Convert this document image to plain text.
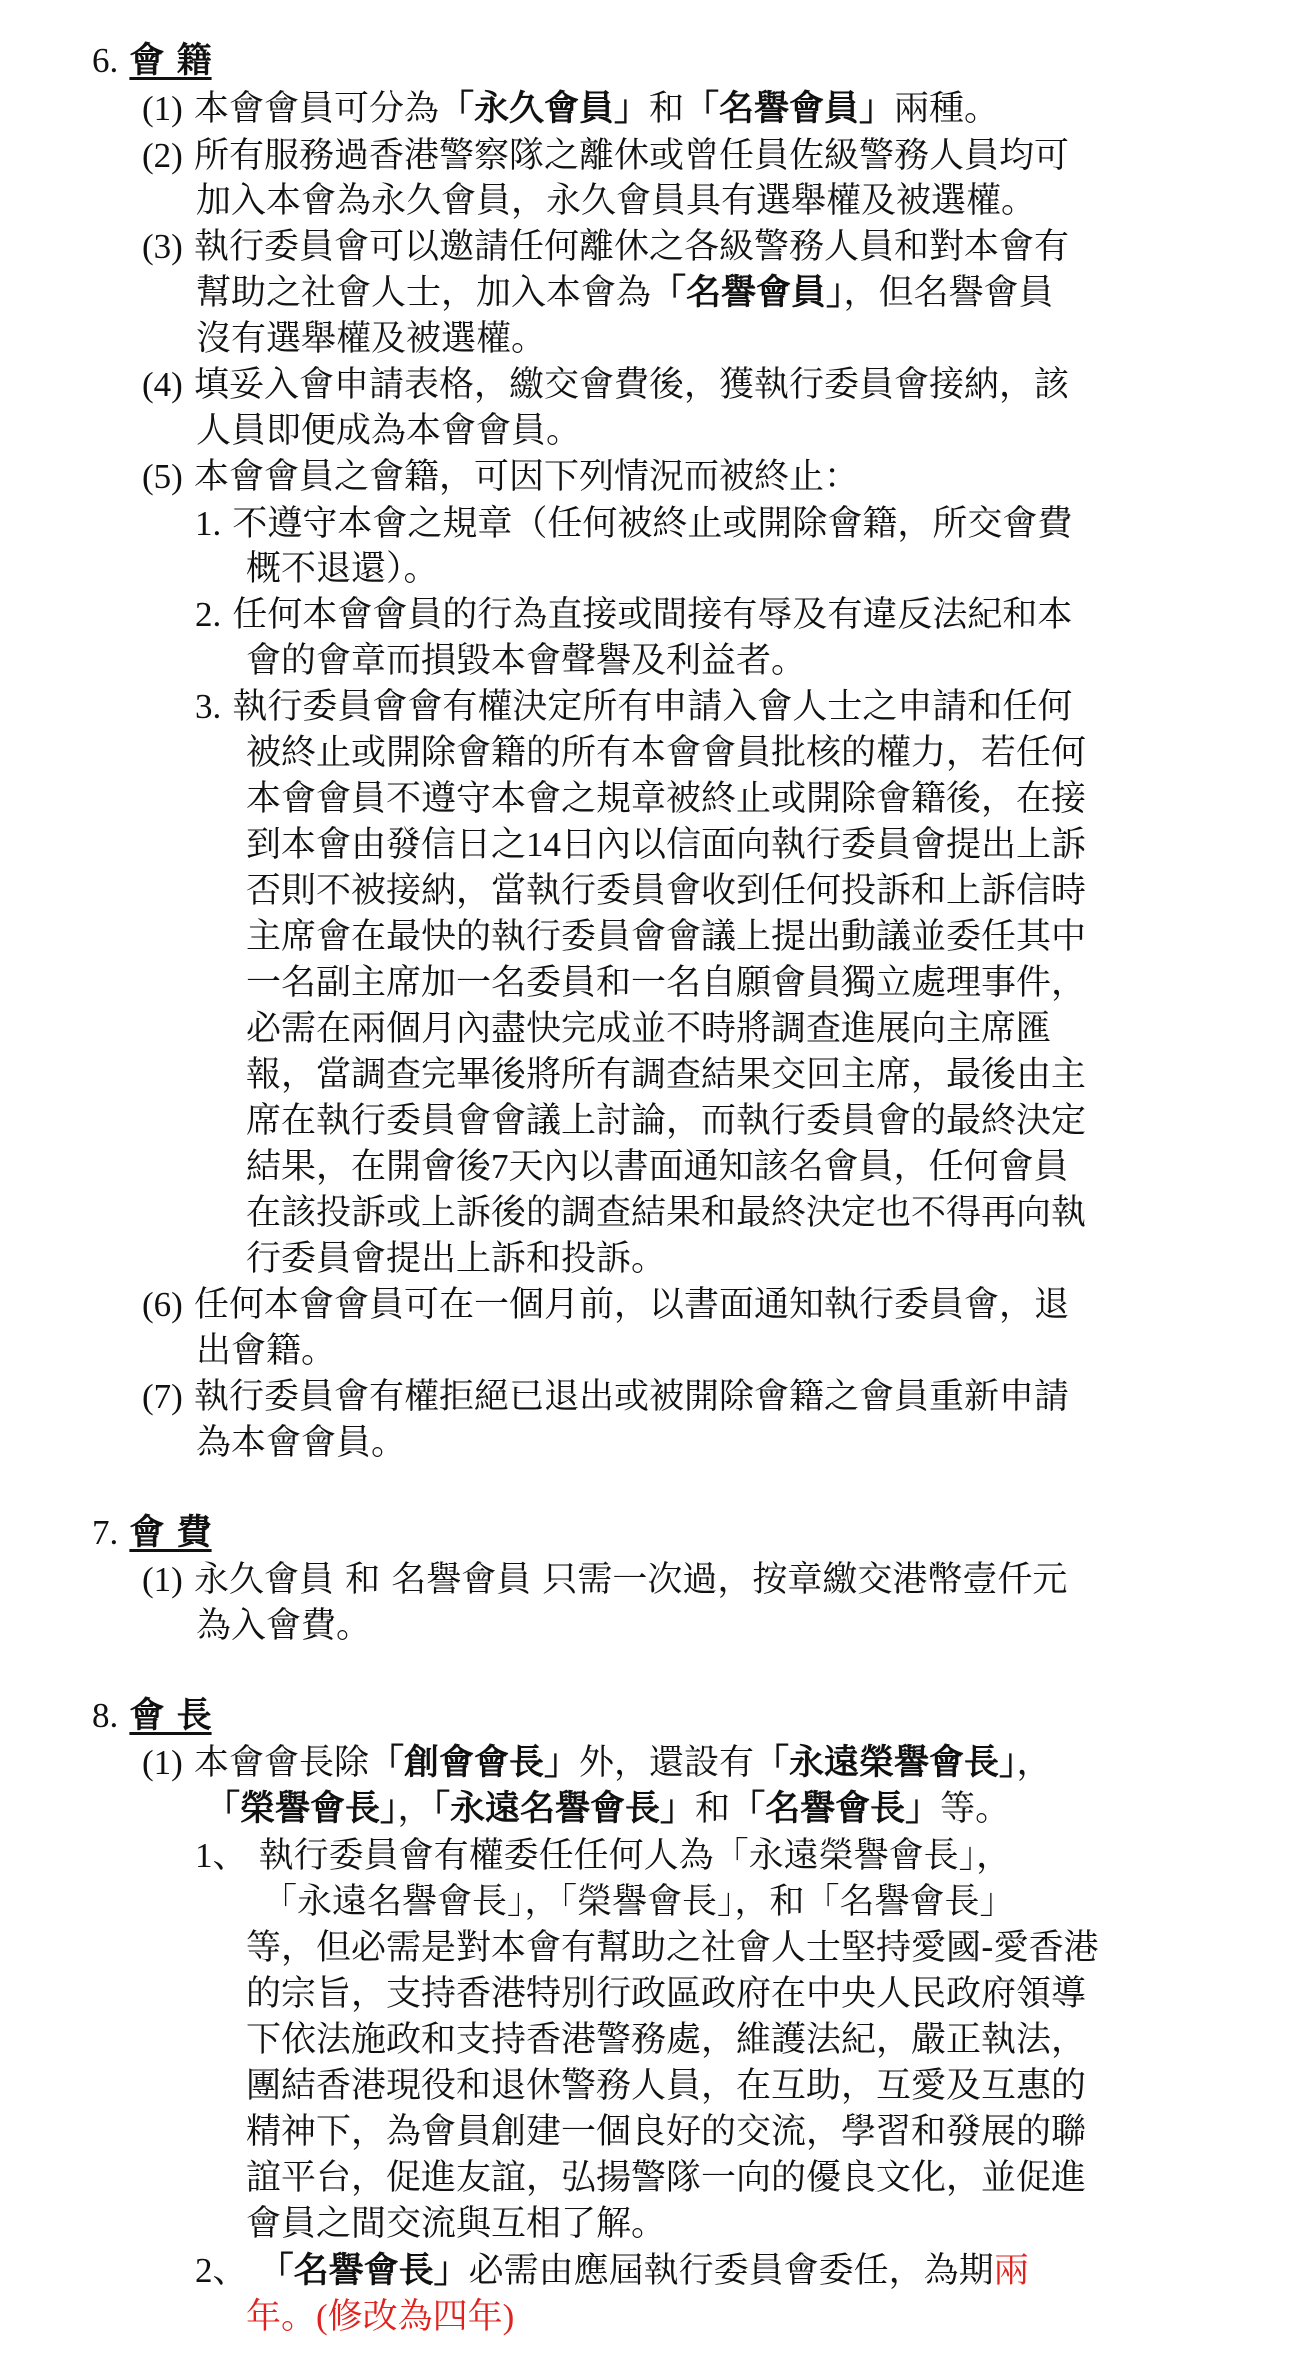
6. 會 籍
(1) 本會會員可分為「永久會員」和「名譽會員」兩種。
(2) 所有服務過香港警察隊之離休或曾任員佐級警務人員均可
加入本會為永久會員，永久會員具有選舉權及被選權。
(3) 執行委員會可以邀請任何離休之各級警務人員和對本會有
幫助之社會人士，加入本會為「名譽會員」，但名譽會員
沒有選舉權及被選權。
(4) 填妥入會申請表格，繳交會費後，獲執行委員會接納，該
人員即便成為本會會員。
(5) 本會會員之會籍，可因下列情況而被終止：
1. 不遵守本會之規章（任何被終止或開除會籍，所交會費
概不退還）。
2. 任何本會會員的行為直接或間接有辱及有違反法紀和本
會的會章而損毀本會聲譽及利益者。
3. 執行委員會會有權決定所有申請入會人士之申請和任何
被終止或開除會籍的所有本會會員批核的權力，若任何
本會會員不遵守本會之規章被終止或開除會籍後，在接
到本會由發信日之14日內以信面向執行委員會提出上訴
否則不被接納，當執行委員會收到任何投訴和上訴信時
主席會在最快的執行委員會會議上提出動議並委任其中
一名副主席加一名委員和一名自願會員獨立處理事件，
必需在兩個月內盡快完成並不時將調查進展向主席匯
報，當調查完畢後將所有調查結果交回主席，最後由主
席在執行委員會會議上討論，而執行委員會的最終決定
結果，在開會後7天內以書面通知該名會員，任何會員
在該投訴或上訴後的調查結果和最終決定也不得再向執
行委員會提出上訴和投訴。
(6) 任何本會會員可在一個月前，以書面通知執行委員會，退
出會籍。
(7) 執行委員會有權拒絕已退出或被開除會籍之會員重新申請
為本會會員。
7. 會 費
(1) 永久會員 和 名譽會員 只需一次過，按章繳交港幣壹仟元
為入會費。
8. 會 長
(1) 本會會長除「創會會長」外，還設有「永遠榮譽會長」，
「榮譽會長」，「永遠名譽會長」和「名譽會長」等。
1、 執行委員會有權委任任何人為「永遠榮譽會長」，
「永遠名譽會長」，「榮譽會長」，和「名譽會長」
等，但必需是對本會有幫助之社會人士堅持愛國-愛香港
的宗旨，支持香港特別行政區政府在中央人民政府領導
下依法施政和支持香港警務處，維護法紀，嚴正執法，
團結香港現役和退休警務人員，在互助，互愛及互惠的
精神下，為會員創建一個良好的交流，學習和發展的聯
誼平台，促進友誼，弘揚警隊一向的優良文化，並促進
會員之間交流與互相了解。
2、 「名譽會長」必需由應屆執行委員會委任，為期兩
年。(修改為四年)
